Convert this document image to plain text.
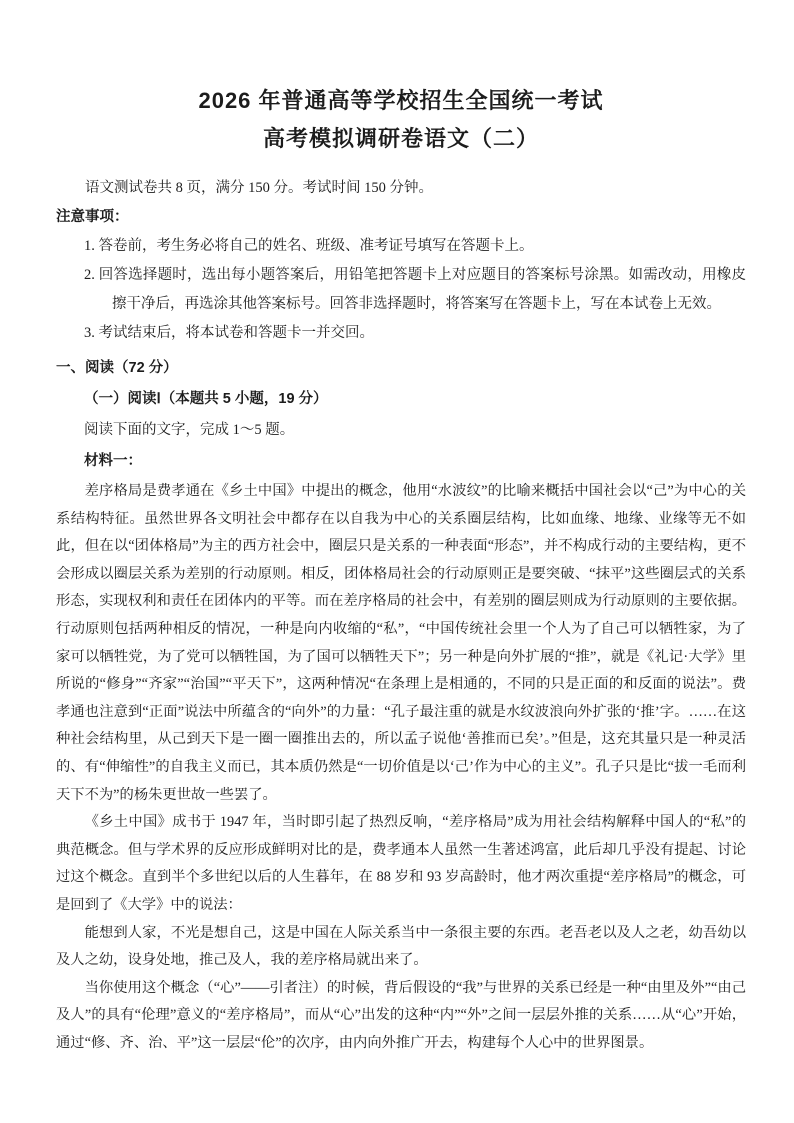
2026 年普通高等学校招生全国统一考试
高考模拟调研卷语文（二）

语文测试卷共 8 页，满分 150 分。考试时间 150 分钟。

注意事项：

1. 答卷前，考生务必将自己的姓名、班级、准考证号填写在答题卡上。

2. 回答选择题时，选出每小题答案后，用铅笔把答题卡上对应题目的答案标号涂黑。如需改动，用橡皮擦干净后，再选涂其他答案标号。回答非选择题时，将答案写在答题卡上，写在本试卷上无效。

3. 考试结束后，将本试卷和答题卡一并交回。

一、阅读（72 分）
（一）阅读Ⅰ（本题共 5 小题，19 分）
阅读下面的文字，完成 1～5 题。
材料一：

差序格局是费孝通在《乡土中国》中提出的概念，他用“水波纹”的比喻来概括中国社会以“己”为中心的关系结构特征。虽然世界各文明社会中都存在以自我为中心的关系圈层结构，比如血缘、地缘、业缘等无不如此，但在以“团体格局”为主的西方社会中，圈层只是关系的一种表面“形态”，并不构成行动的主要结构，更不会形成以圈层关系为差别的行动原则。相反，团体格局社会的行动原则正是要突破、“抹平”这些圈层式的关系形态，实现权利和责任在团体内的平等。而在差序格局的社会中，有差别的圈层则成为行动原则的主要依据。行动原则包括两种相反的情况，一种是向内收缩的“私”，“中国传统社会里一个人为了自己可以牺牲家，为了家可以牺牲党，为了党可以牺牲国，为了国可以牺牲天下”；另一种是向外扩展的“推”，就是《礼记·大学》里所说的“修身”“齐家”“治国”“平天下”，这两种情况“在条理上是相通的，不同的只是正面的和反面的说法”。费孝通也注意到“正面”说法中所蕴含的“向外”的力量：“孔子最注重的就是水纹波浪向外扩张的‘推’字。……在这种社会结构里，从己到天下是一圈一圈推出去的，所以孟子说他‘善推而已矣’。”但是，这充其量只是一种灵活的、有“伸缩性”的自我主义而已，其本质仍然是“一切价值是以‘己’作为中心的主义”。孔子只是比“拔一毛而利天下不为”的杨朱更世故一些罢了。

《乡土中国》成书于 1947 年，当时即引起了热烈反响，“差序格局”成为用社会结构解释中国人的“私”的典范概念。但与学术界的反应形成鲜明对比的是，费孝通本人虽然一生著述鸿富，此后却几乎没有提起、讨论过这个概念。直到半个多世纪以后的人生暮年，在 88 岁和 93 岁高龄时，他才两次重提“差序格局”的概念，可是回到了《大学》中的说法：

能想到人家，不光是想自己，这是中国在人际关系当中一条很主要的东西。老吾老以及人之老，幼吾幼以及人之幼，设身处地，推己及人，我的差序格局就出来了。

当你使用这个概念（“心”——引者注）的时候，背后假设的“我”与世界的关系已经是一种“由里及外”“由己及人”的具有“伦理”意义的“差序格局”，而从“心”出发的这种“内”“外”之间一层层外推的关系……从“心”开始，通过“修、齐、治、平”这一层层“伦”的次序，由内向外推广开去，构建每个人心中的世界图景。
